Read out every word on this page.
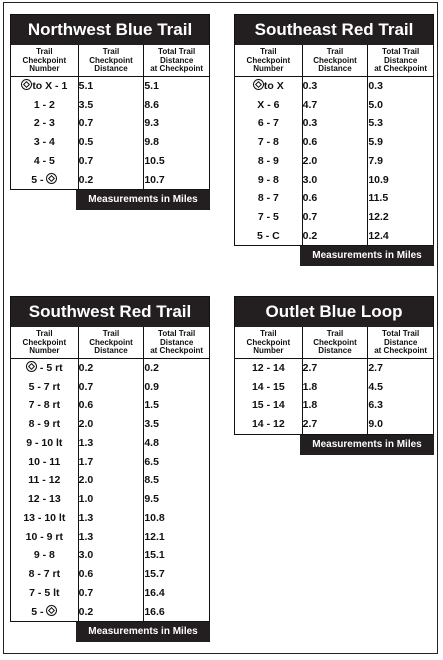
Northwest Blue Trail
Trail
Checkpoint
Number	Trail
Checkpoint
Distance	Total Trail
Distance
at Checkpoint
to X - 1	5.1	5.1
1 - 2	3.5	8.6
2 - 3	0.7	9.3
3 - 4	0.5	9.8
4 - 5	0.7	10.5
5 -	0.2	10.7
Measurements in Miles
Southeast Red Trail
Trail
Checkpoint
Number	Trail
Checkpoint
Distance	Total Trail
Distance
at Checkpoint
to X	0.3	0.3
X - 6	4.7	5.0
6 - 7	0.3	5.3
7 - 8	0.6	5.9
8 - 9	2.0	7.9
9 - 8	3.0	10.9
8 - 7	0.6	11.5
7 - 5	0.7	12.2
5 - C	0.2	12.4
Measurements in Miles
Southwest Red Trail
Trail
Checkpoint
Number	Trail
Checkpoint
Distance	Total Trail
Distance
at Checkpoint
- 5 rt	0.2	0.2
5 - 7 rt	0.7	0.9
7 - 8 rt	0.6	1.5
8 - 9 rt	2.0	3.5
9 - 10 lt	1.3	4.8
10 - 11	1.7	6.5
11 - 12	2.0	8.5
12 - 13	1.0	9.5
13 - 10 lt	1.3	10.8
10 - 9 rt	1.3	12.1
9 - 8	3.0	15.1
8 - 7 rt	0.6	15.7
7 - 5 lt	0.7	16.4
5 -	0.2	16.6
Measurements in Miles
Outlet Blue Loop
Trail
Checkpoint
Number	Trail
Checkpoint
Distance	Total Trail
Distance
at Checkpoint
12 - 14	2.7	2.7
14 - 15	1.8	4.5
15 - 14	1.8	6.3
14 - 12	2.7	9.0
Measurements in Miles
